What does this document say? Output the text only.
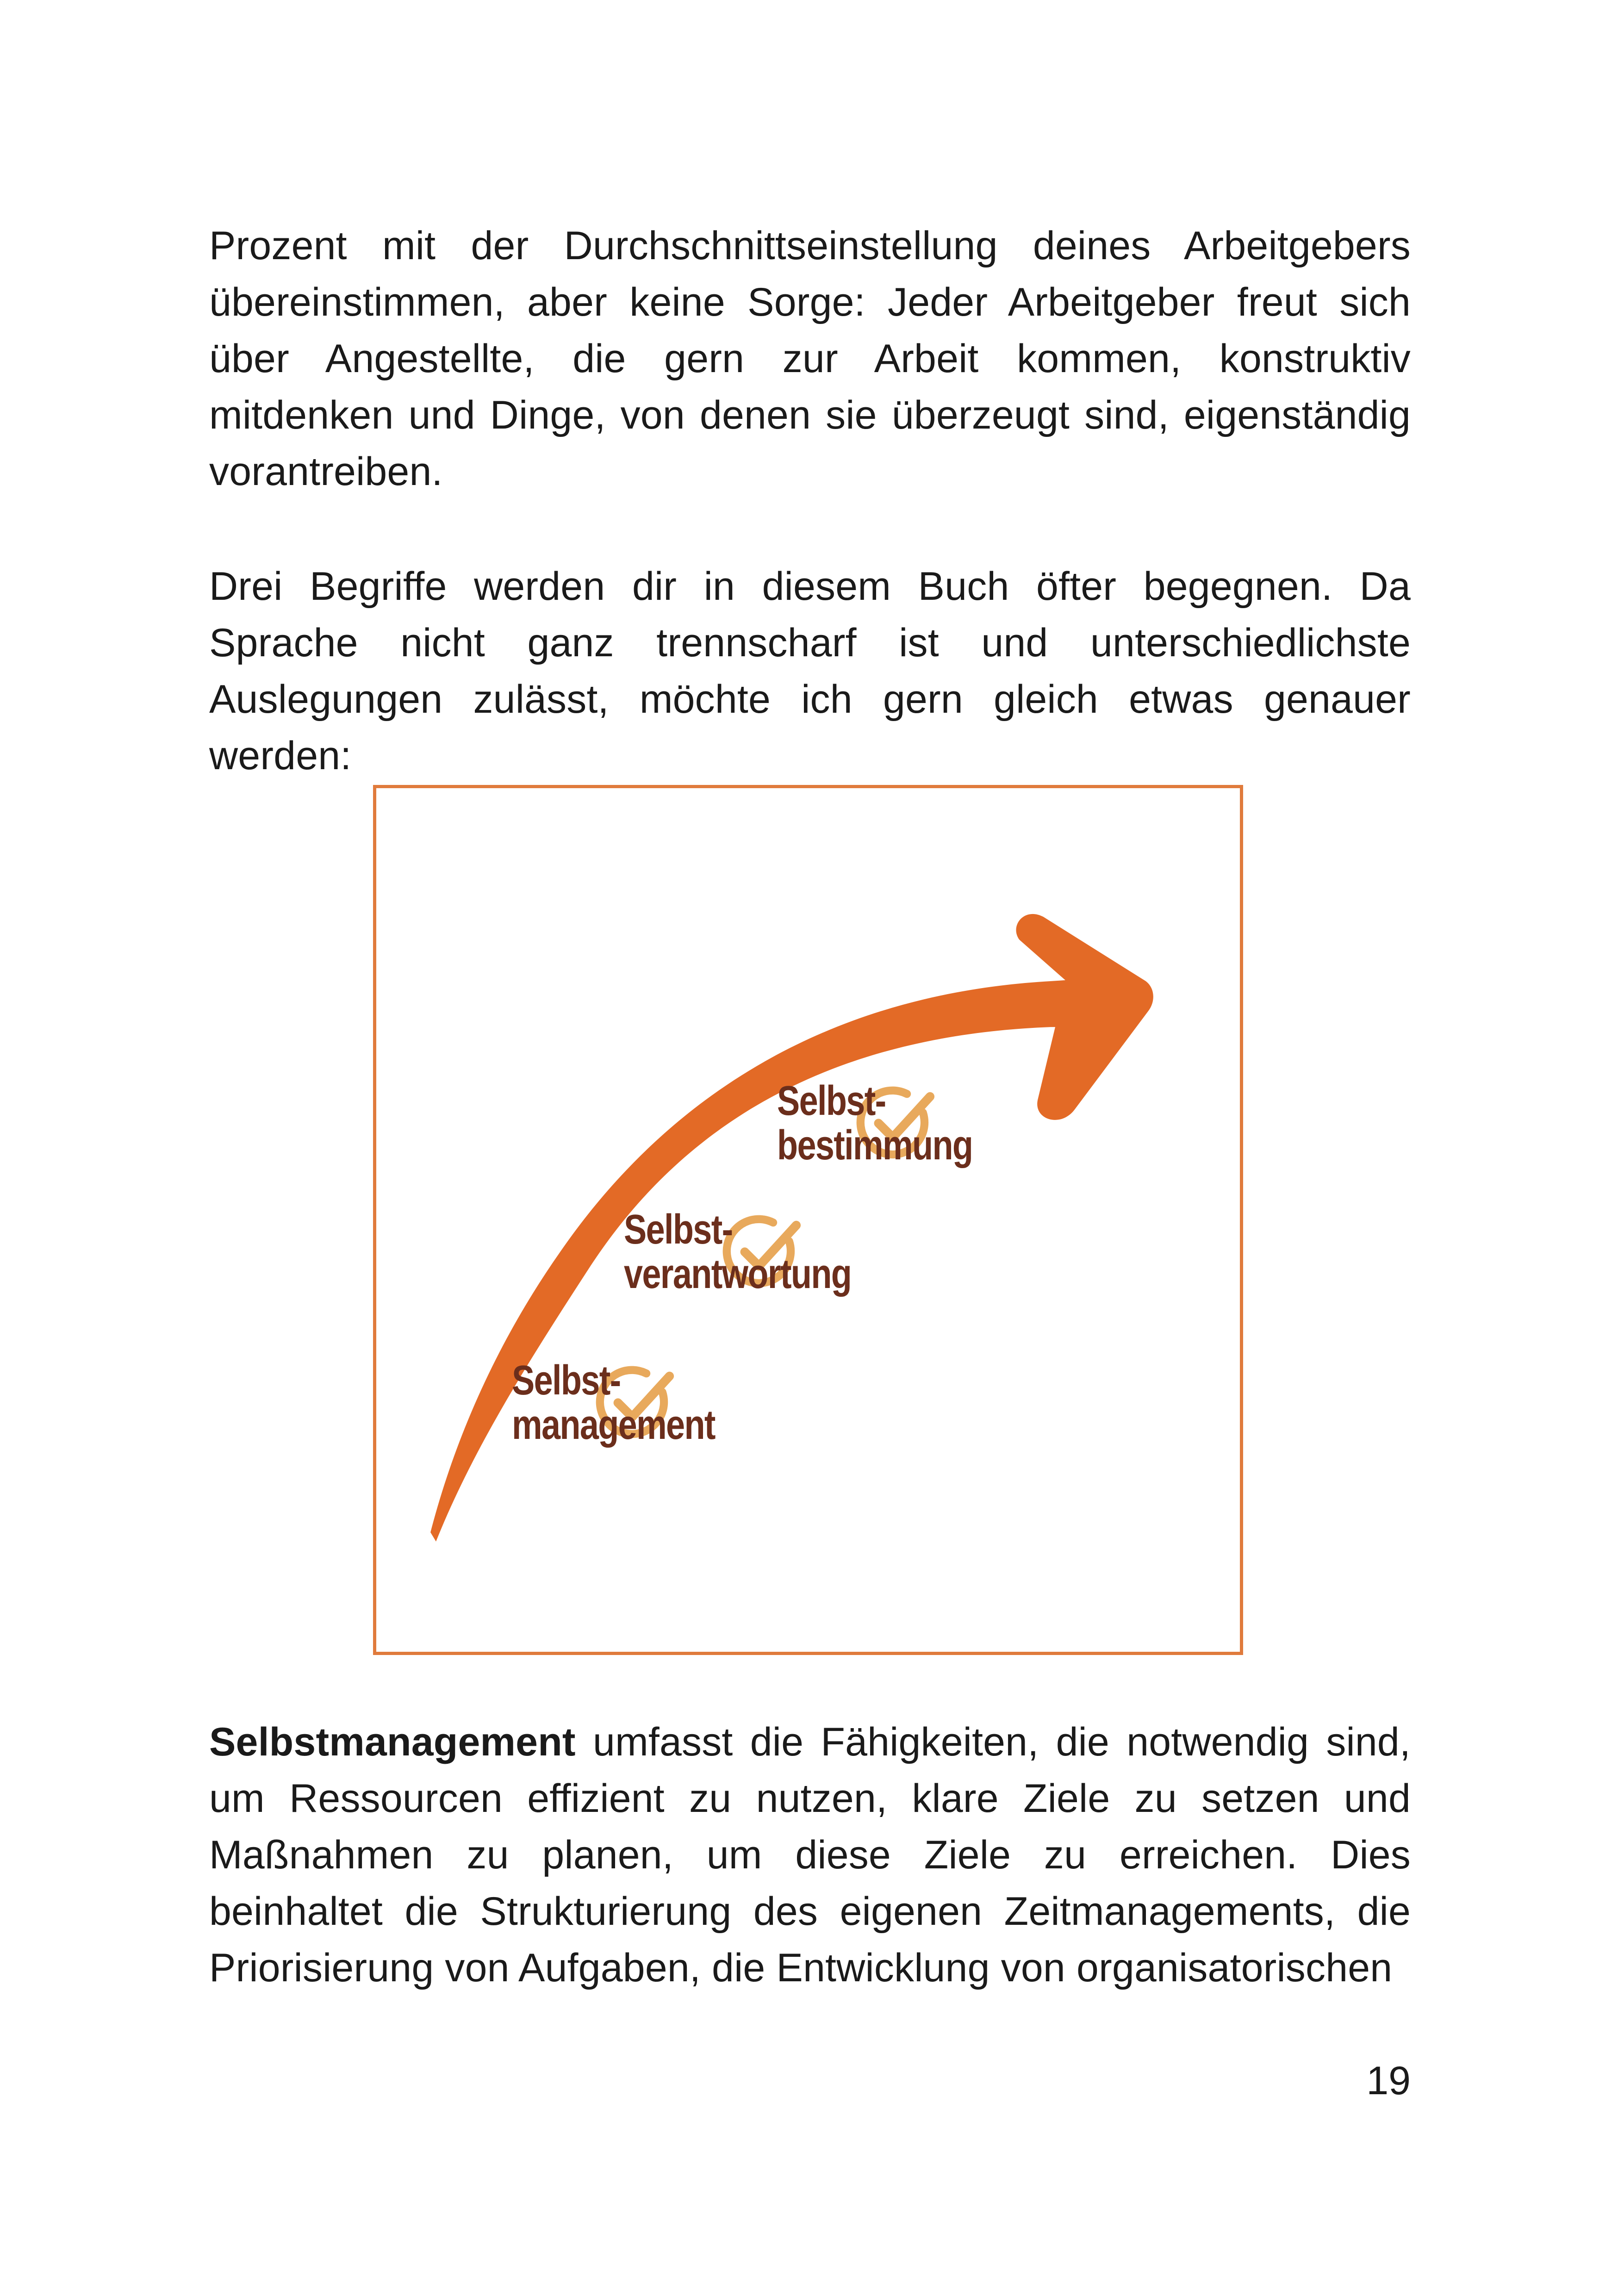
Prozent mit der Durchschnittseinstellung deines Arbeitgebers übereinstimmen, aber keine Sorge: Jeder Arbeitgeber freut sich über Angestellte, die gern zur Arbeit kommen, konstruktiv mitdenken und Dinge, von denen sie überzeugt sind, eigenständig vorantreiben.

Drei Begriffe werden dir in diesem Buch öfter begegnen. Da Sprache nicht ganz trennscharf ist und unterschiedlichste Auslegungen zulässt, möchte ich gern gleich etwas genauer werden:

Selbst-
bestimmung
Selbst-
verantwortung
Selbst-
management

Selbstmanagement umfasst die Fähigkeiten, die notwendig sind, um Ressourcen effizient zu nutzen, klare Ziele zu setzen und Maßnahmen zu planen, um diese Ziele zu erreichen. Dies beinhaltet die Strukturierung des eigenen Zeitmanagements, die Priorisierung von Aufgaben, die Entwicklung von organisatorischen

19
